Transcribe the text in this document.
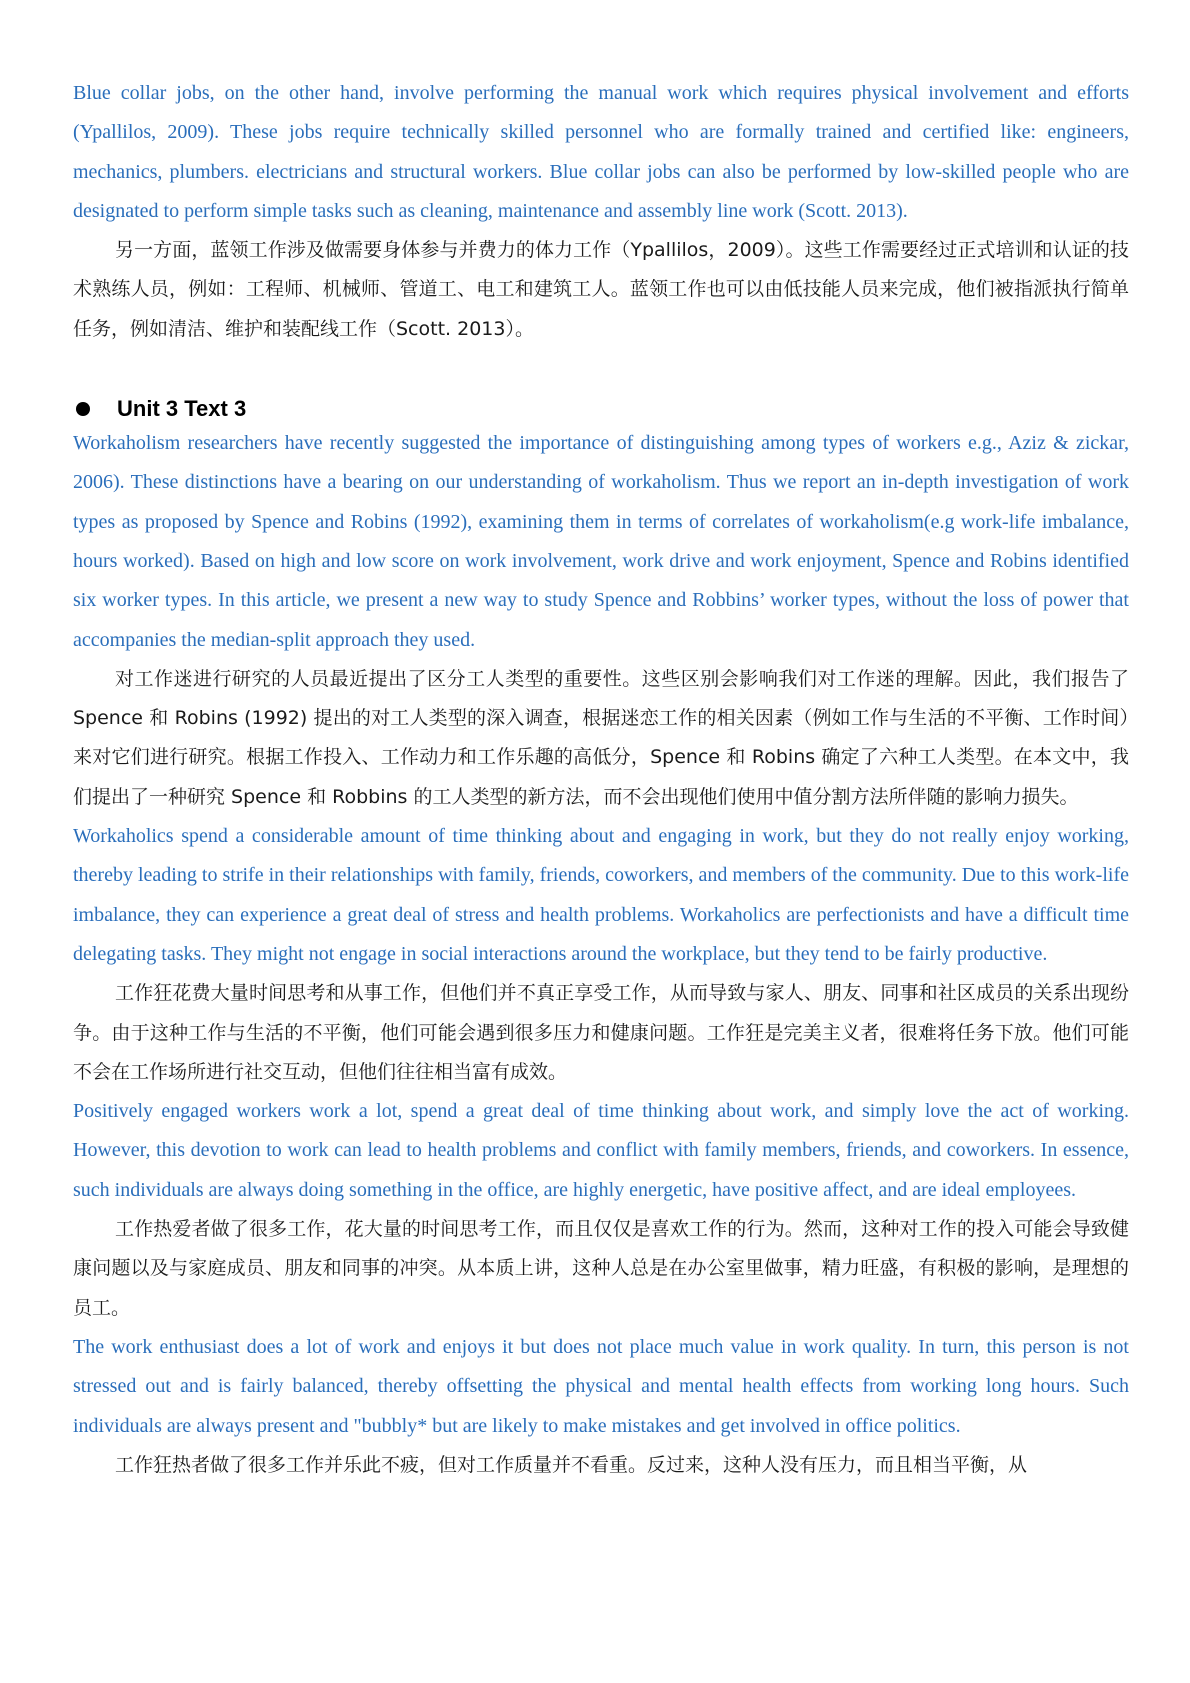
Blue collar jobs, on the other hand, involve performing the manual work which requires physical involvement and efforts (Ypallilos, 2009). These jobs require technically skilled personnel who are formally trained and certified like: engineers, mechanics, plumbers. electricians and structural workers. Blue collar jobs can also be performed by low-skilled people who are designated to perform simple tasks such as cleaning, maintenance and assembly line work (Scott. 2013).

另一方面，蓝领工作涉及做需要身体参与并费力的体力工作（Ypallilos，2009）。这些工作需要经过正式培训和认证的技术熟练人员，例如：工程师、机械师、管道工、电工和建筑工人。蓝领工作也可以由低技能人员来完成，他们被指派执行简单任务，例如清洁、维护和装配线工作（Scott. 2013）。

Unit 3 Text 3

Workaholism researchers have recently suggested the importance of distinguishing among types of workers e.g., Aziz & zickar, 2006). These distinctions have a bearing on our understanding of workaholism. Thus we report an in-depth investigation of work types as proposed by Spence and Robins (1992), examining them in terms of correlates of workaholism(e.g work-life imbalance, hours worked). Based on high and low score on work involvement, work drive and work enjoyment, Spence and Robins identified six worker types. In this article, we present a new way to study Spence and Robbins’ worker types, without the loss of power that accompanies the median-split approach they used.

对工作迷进行研究的人员最近提出了区分工人类型的重要性。这些区别会影响我们对工作迷的理解。因此，我们报告了 Spence 和 Robins (1992) 提出的对工人类型的深入调查，根据迷恋工作的相关因素（例如工作与生活的不平衡、工作时间）来对它们进行研究。根据工作投入、工作动力和工作乐趣的高低分，Spence 和 Robins 确定了六种工人类型。在本文中，我们提出了一种研究 Spence 和 Robbins 的工人类型的新方法，而不会出现他们使用中值分割方法所伴随的影响力损失。

Workaholics spend a considerable amount of time thinking about and engaging in work, but they do not really enjoy working, thereby leading to strife in their relationships with family, friends, coworkers, and members of the community. Due to this work-life imbalance, they can experience a great deal of stress and health problems. Workaholics are perfectionists and have a difficult time delegating tasks. They might not engage in social interactions around the workplace, but they tend to be fairly productive.

工作狂花费大量时间思考和从事工作，但他们并不真正享受工作，从而导致与家人、朋友、同事和社区成员的关系出现纷争。由于这种工作与生活的不平衡，他们可能会遇到很多压力和健康问题。工作狂是完美主义者，很难将任务下放。他们可能不会在工作场所进行社交互动，但他们往往相当富有成效。

Positively engaged workers work a lot, spend a great deal of time thinking about work, and simply love the act of working. However, this devotion to work can lead to health problems and conflict with family members, friends, and coworkers. In essence, such individuals are always doing something in the office, are highly energetic, have positive affect, and are ideal employees.

工作热爱者做了很多工作，花大量的时间思考工作，而且仅仅是喜欢工作的行为。然而，这种对工作的投入可能会导致健康问题以及与家庭成员、朋友和同事的冲突。从本质上讲，这种人总是在办公室里做事，精力旺盛，有积极的影响，是理想的员工。

The work enthusiast does a lot of work and enjoys it but does not place much value in work quality. In turn, this person is not stressed out and is fairly balanced, thereby offsetting the physical and mental health effects from working long hours. Such individuals are always present and "bubbly* but are likely to make mistakes and get involved in office politics.

工作狂热者做了很多工作并乐此不疲，但对工作质量并不看重。反过来，这种人没有压力，而且相当平衡，从
